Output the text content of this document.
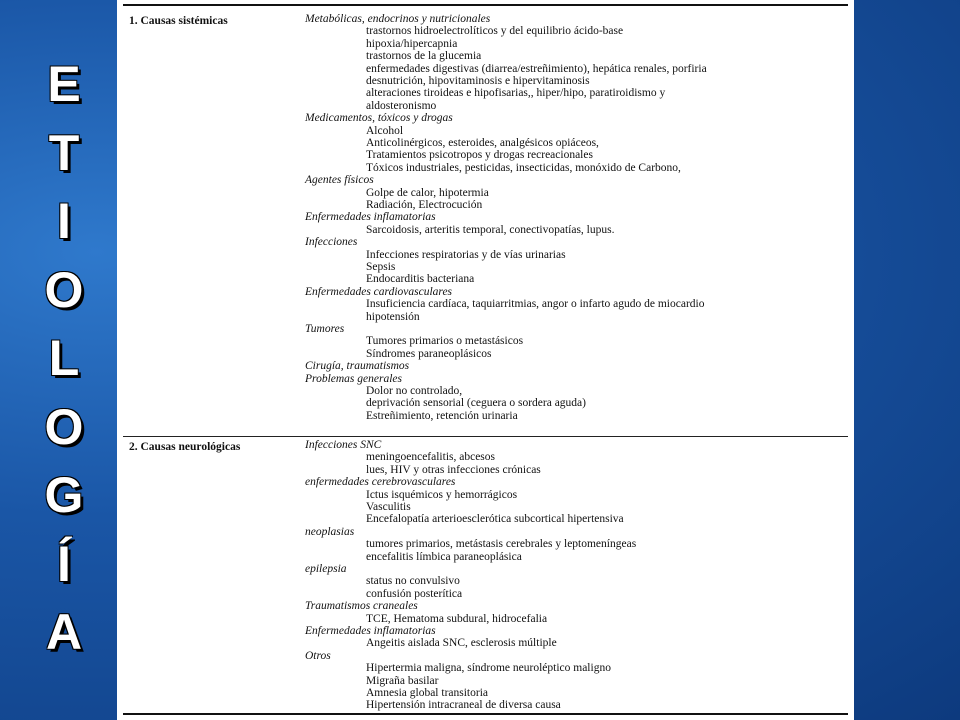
E
T
I
O
L
O
G
Í
A
1. Causas sistémicas	Metabólicas, endocrinos y nutricionales
trastornos hidroelectrolíticos y del equilibrio ácido-base
hipoxia/hipercapnia
trastornos de la glucemia
enfermedades digestivas (diarrea/estreñimiento), hepática renales, porfiria
desnutrición, hipovitaminosis e hipervitaminosis
alteraciones tiroideas e hipofisarias,, hiper/hipo, paratiroidismo y
aldosteronismo
Medicamentos, tóxicos y drogas
Alcohol
Anticolinérgicos, esteroides, analgésicos opiáceos,
Tratamientos psicotropos y drogas recreacionales
Tóxicos industriales, pesticidas, insecticidas, monóxido de Carbono,
Agentes físicos
Golpe de calor, hipotermia
Radiación, Electrocución
Enfermedades inflamatorias
Sarcoidosis, arteritis temporal, conectivopatías, lupus.
Infecciones
Infecciones respiratorias y de vías urinarias
Sepsis
Endocarditis bacteriana
Enfermedades cardiovasculares
Insuficiencia cardíaca, taquiarritmias, angor o infarto agudo de miocardio
hipotensión
Tumores
Tumores primarios o metastásicos
Síndromes paraneoplásicos
Cirugía, traumatismos
Problemas generales
Dolor no controlado,
deprivación sensorial (ceguera o sordera aguda)
Estreñimiento, retención urinaria
2. Causas neurológicas	Infecciones SNC
meningoencefalitis, abcesos
lues, HIV y otras infecciones crónicas
enfermedades cerebrovasculares
Ictus isquémicos y hemorrágicos
Vasculitis
Encefalopatía arterioesclerótica subcortical hipertensiva
neoplasias
tumores primarios, metástasis cerebrales y leptomeníngeas
encefalitis límbica paraneoplásica
epilepsia
status no convulsivo
confusión posterítica
Traumatismos craneales
TCE, Hematoma subdural, hidrocefalia
Enfermedades inflamatorias
Angeitis aislada SNC, esclerosis múltiple
Otros
Hipertermia maligna, síndrome neuroléptico maligno
Migraña basilar
Amnesia global transitoria
Hipertensión intracraneal de diversa causa
